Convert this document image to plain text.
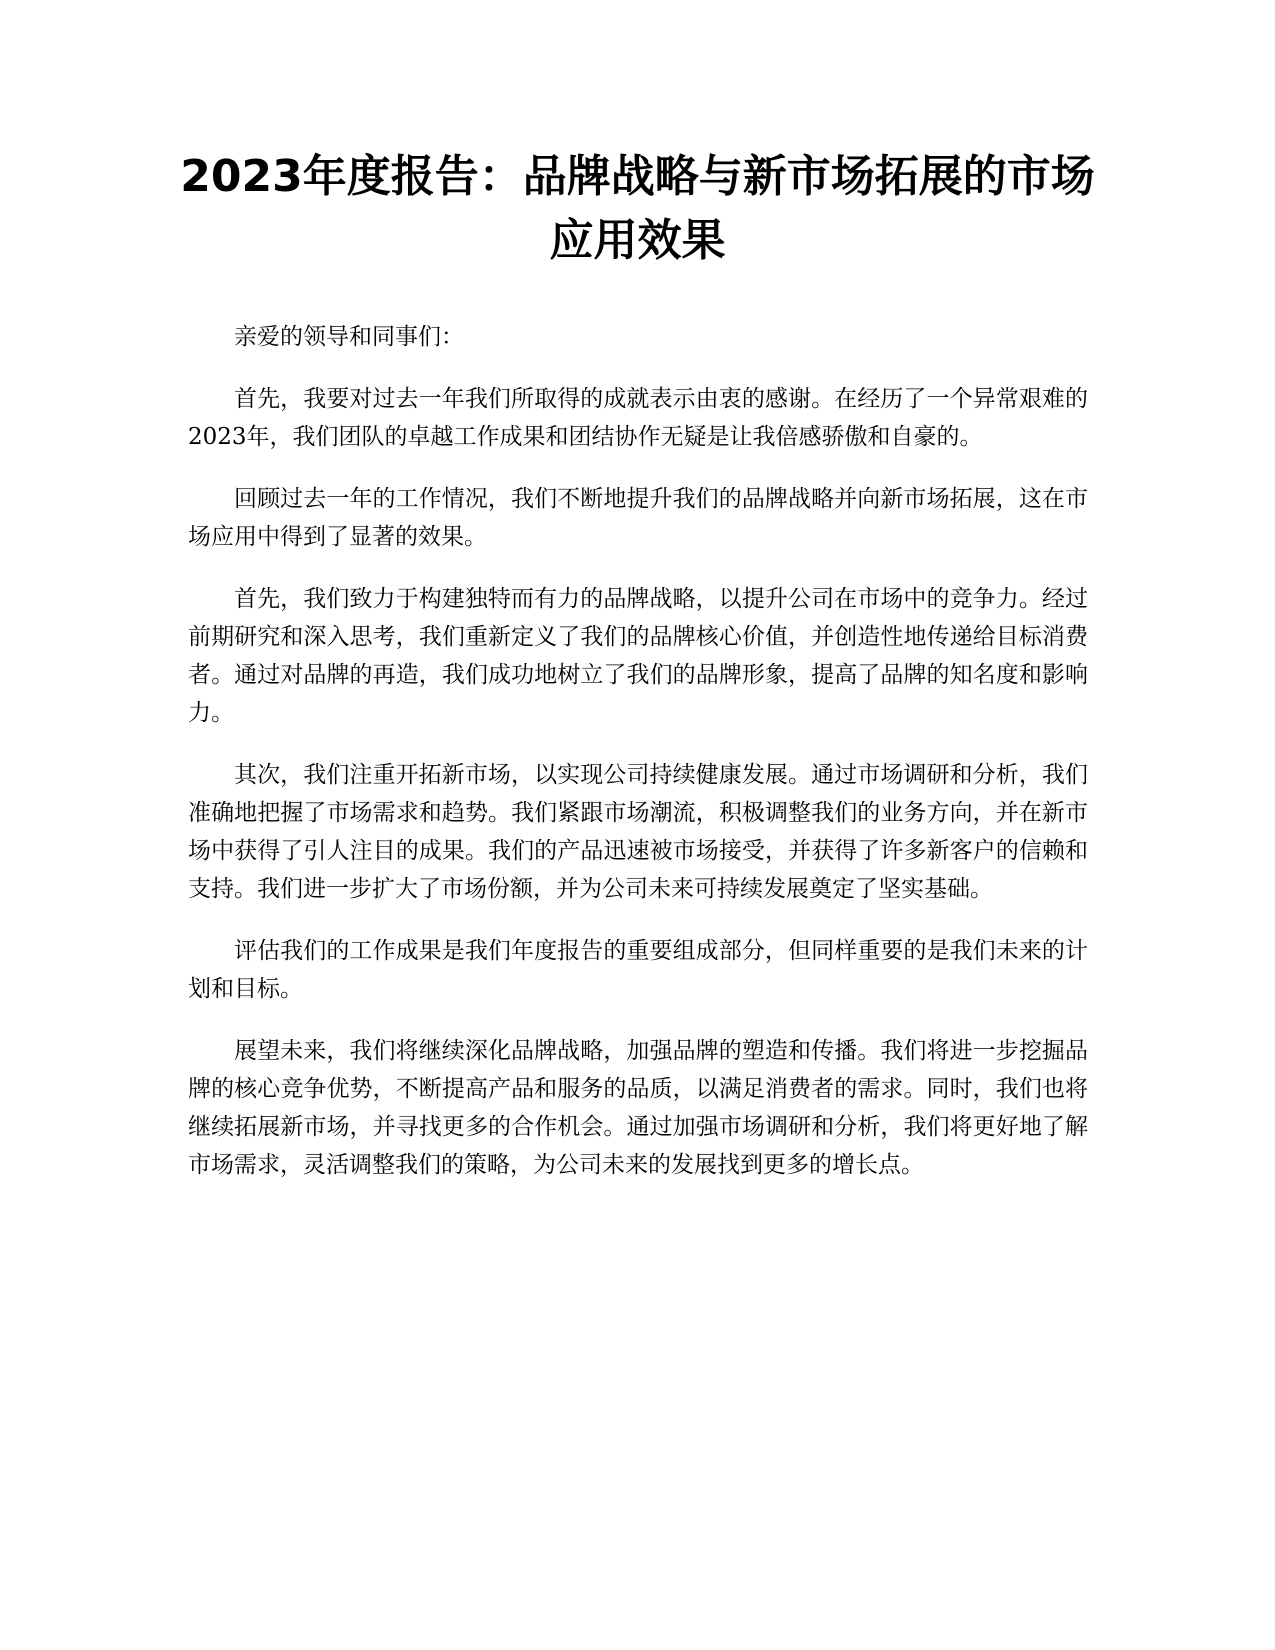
2023年度报告：品牌战略与新市场拓展的市场应用效果

亲爱的领导和同事们：

首先，我要对过去一年我们所取得的成就表示由衷的感谢。在经历了一个异常艰难的2023年，我们团队的卓越工作成果和团结协作无疑是让我倍感骄傲和自豪的。

回顾过去一年的工作情况，我们不断地提升我们的品牌战略并向新市场拓展，这在市场应用中得到了显著的效果。

首先，我们致力于构建独特而有力的品牌战略，以提升公司在市场中的竞争力。经过前期研究和深入思考，我们重新定义了我们的品牌核心价值，并创造性地传递给目标消费者。通过对品牌的再造，我们成功地树立了我们的品牌形象，提高了品牌的知名度和影响力。

其次，我们注重开拓新市场，以实现公司持续健康发展。通过市场调研和分析，我们准确地把握了市场需求和趋势。我们紧跟市场潮流，积极调整我们的业务方向，并在新市场中获得了引人注目的成果。我们的产品迅速被市场接受，并获得了许多新客户的信赖和支持。我们进一步扩大了市场份额，并为公司未来可持续发展奠定了坚实基础。

评估我们的工作成果是我们年度报告的重要组成部分，但同样重要的是我们未来的计划和目标。

展望未来，我们将继续深化品牌战略，加强品牌的塑造和传播。我们将进一步挖掘品牌的核心竞争优势，不断提高产品和服务的品质，以满足消费者的需求。同时，我们也将继续拓展新市场，并寻找更多的合作机会。通过加强市场调研和分析，我们将更好地了解市场需求，灵活调整我们的策略，为公司未来的发展找到更多的增长点。
